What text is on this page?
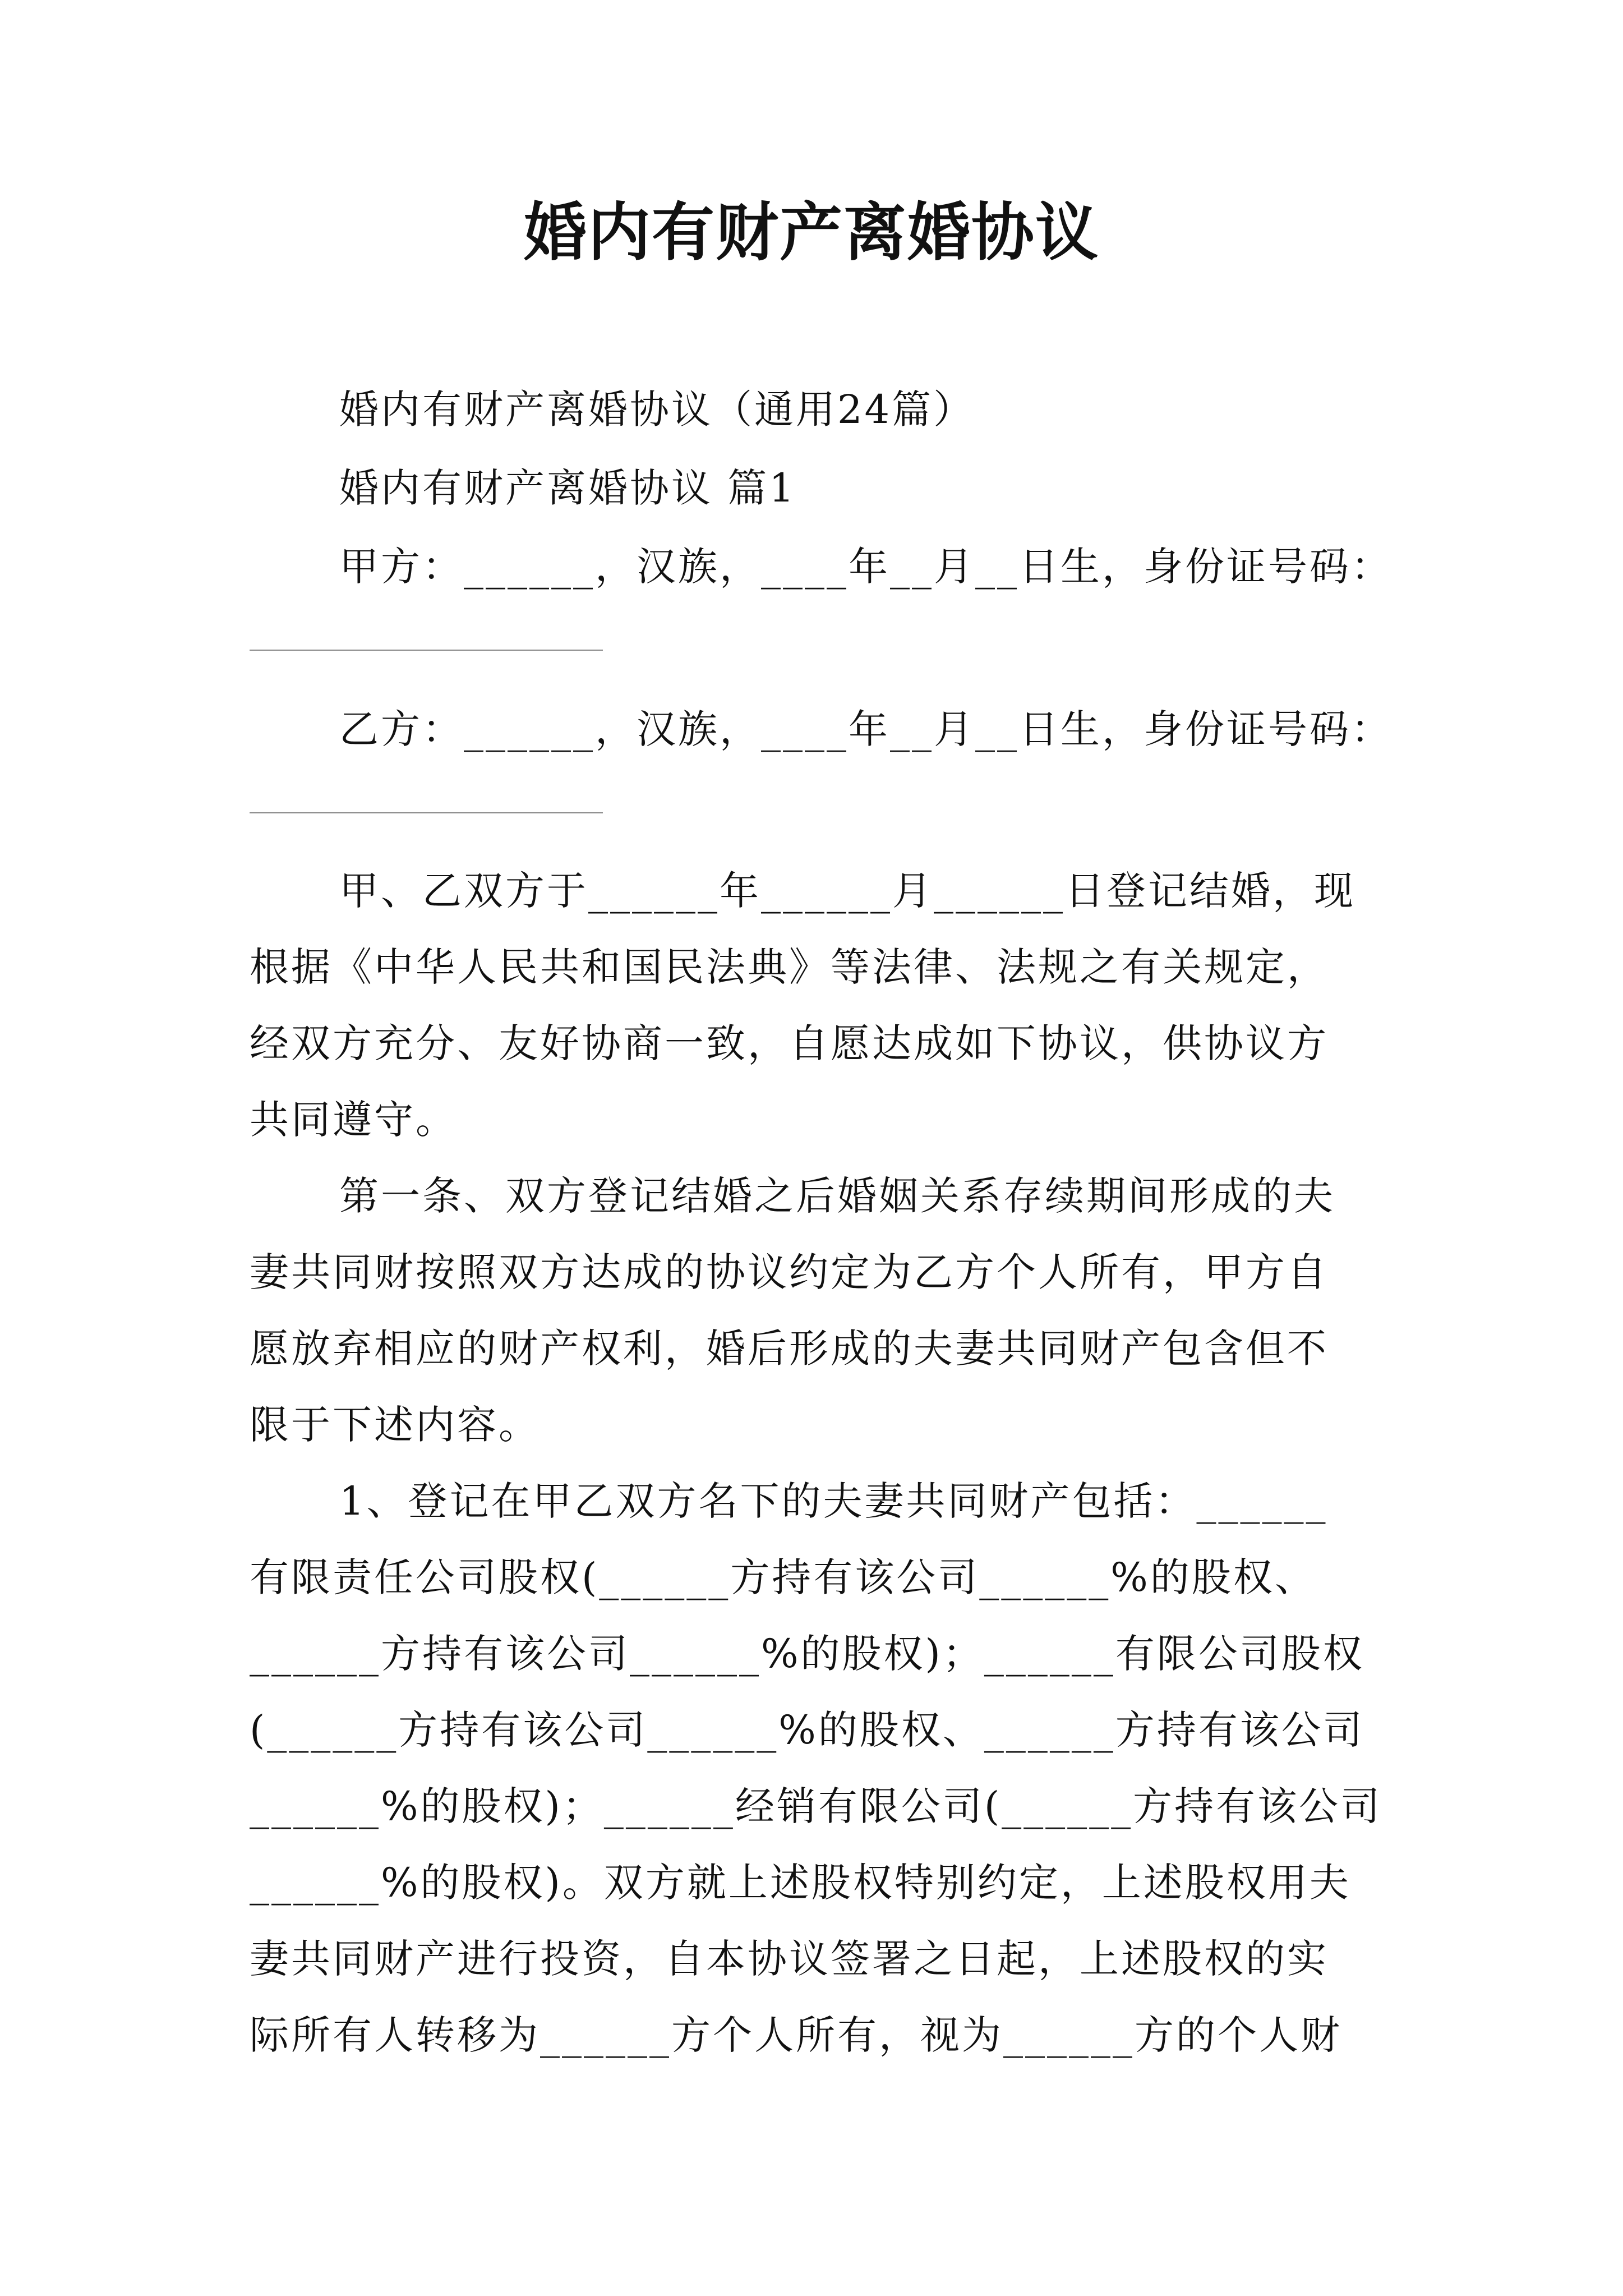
婚内有财产离婚协议
婚内有财产离婚协议（通用24篇）
婚内有财产离婚协议 篇1
甲方：______，汉族，____年__月__日生，身份证号码：
乙方：______，汉族，____年__月__日生，身份证号码：
甲、乙双方于______年______月______日登记结婚，现
根据《中华人民共和国民法典》等法律、法规之有关规定，
经双方充分、友好协商一致，自愿达成如下协议，供协议方
共同遵守。
第一条、双方登记结婚之后婚姻关系存续期间形成的夫
妻共同财按照双方达成的协议约定为乙方个人所有，甲方自
愿放弃相应的财产权利，婚后形成的夫妻共同财产包含但不
限于下述内容。
1、登记在甲乙双方名下的夫妻共同财产包括：______
有限责任公司股权(______方持有该公司______%的股权、
______方持有该公司______%的股权)；______有限公司股权
(______方持有该公司______%的股权、______方持有该公司
______%的股权)；______经销有限公司(______方持有该公司
______%的股权)。双方就上述股权特别约定，上述股权用夫
妻共同财产进行投资，自本协议签署之日起，上述股权的实
际所有人转移为______方个人所有，视为______方的个人财
